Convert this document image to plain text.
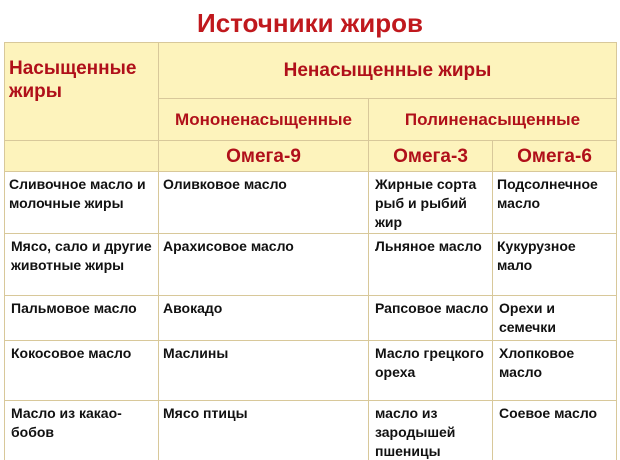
Источники жиров
Насыщенные жиры	Ненасыщенные жиры		
	Мононенасыщенные	Полиненасыщенные	
	Омега-9	Омега-3	Омега-6
Сливочное масло и молочные жиры	Оливковое масло	Жирные сорта рыб и рыбий жир	Подсолнечное масло
Мясо, сало и другие животные жиры	Арахисовое масло	Льняное масло	Кукурузное мало
Пальмовое масло	Авокадо	Рапсовое масло	Орехи и семечки
Кокосовое масло	Маслины	Масло грецкого ореха	Хлопковое масло
Масло из какао-бобов	Мясо птицы	масло из зародышей пшеницы	Соевое масло
